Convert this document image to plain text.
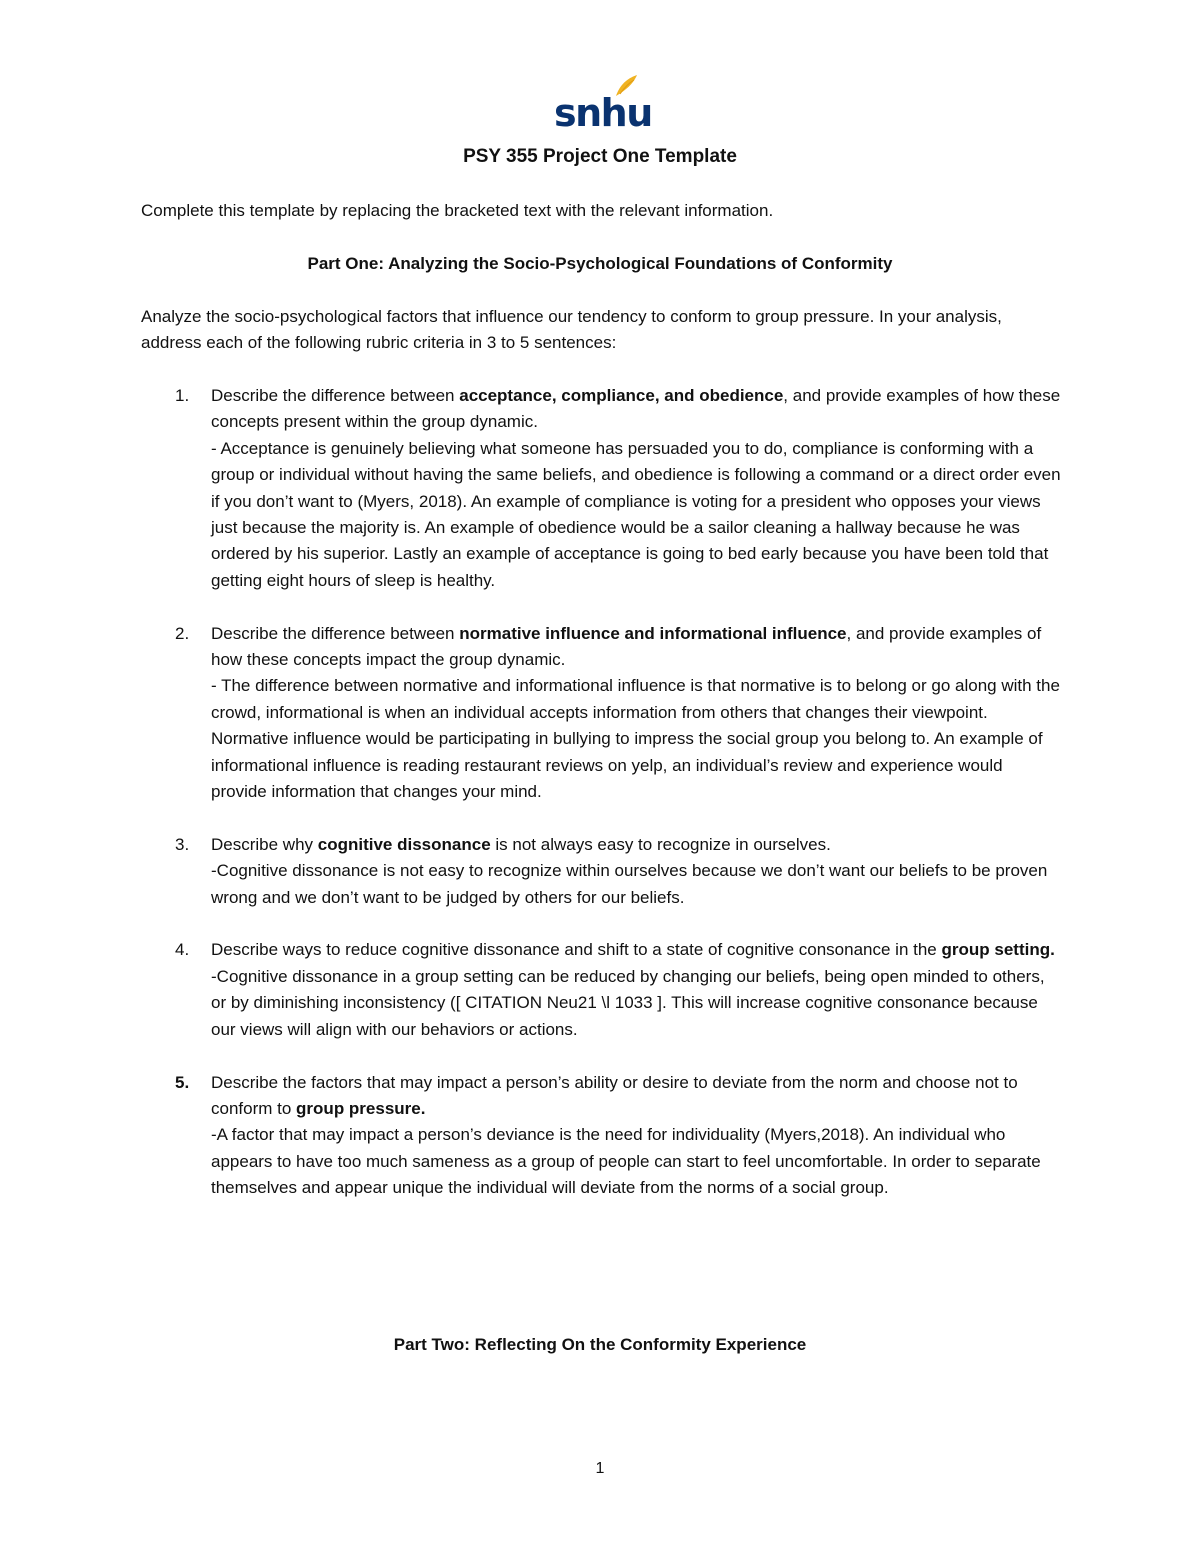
snhu
PSY 355 Project One Template
Complete this template by replacing the bracketed text with the relevant information.
Part One: Analyzing the Socio-Psychological Foundations of Conformity
Analyze the socio-psychological factors that influence our tendency to conform to group pressure. In your analysis, address each of the following rubric criteria in 3 to 5 sentences:
1. Describe the difference between acceptance, compliance, and obedience, and provide examples of how these concepts present within the group dynamic.
- Acceptance is genuinely believing what someone has persuaded you to do, compliance is conforming with a group or individual without having the same beliefs, and obedience is following a command or a direct order even if you don’t want to (Myers, 2018). An example of compliance is voting for a president who opposes your views just because the majority is. An example of obedience would be a sailor cleaning a hallway because he was ordered by his superior. Lastly an example of acceptance is going to bed early because you have been told that getting eight hours of sleep is healthy.
2. Describe the difference between normative influence and informational influence, and provide examples of how these concepts impact the group dynamic.
- The difference between normative and informational influence is that normative is to belong or go along with the crowd, informational is when an individual accepts information from others that changes their viewpoint. Normative influence would be participating in bullying to impress the social group you belong to. An example of informational influence is reading restaurant reviews on yelp, an individual’s review and experience would provide information that changes your mind.
3. Describe why cognitive dissonance is not always easy to recognize in ourselves.
-Cognitive dissonance is not easy to recognize within ourselves because we don’t want our beliefs to be proven wrong and we don’t want to be judged by others for our beliefs.
4. Describe ways to reduce cognitive dissonance and shift to a state of cognitive consonance in the group setting.
-Cognitive dissonance in a group setting can be reduced by changing our beliefs, being open minded to others, or by diminishing inconsistency ([ CITATION Neu21 \l 1033 ]. This will increase cognitive consonance because our views will align with our behaviors or actions.
5. Describe the factors that may impact a person’s ability or desire to deviate from the norm and choose not to conform to group pressure.
-A factor that may impact a person’s deviance is the need for individuality (Myers,2018). An individual who appears to have too much sameness as a group of people can start to feel uncomfortable. In order to separate themselves and appear unique the individual will deviate from the norms of a social group.
Part Two: Reflecting On the Conformity Experience
1
